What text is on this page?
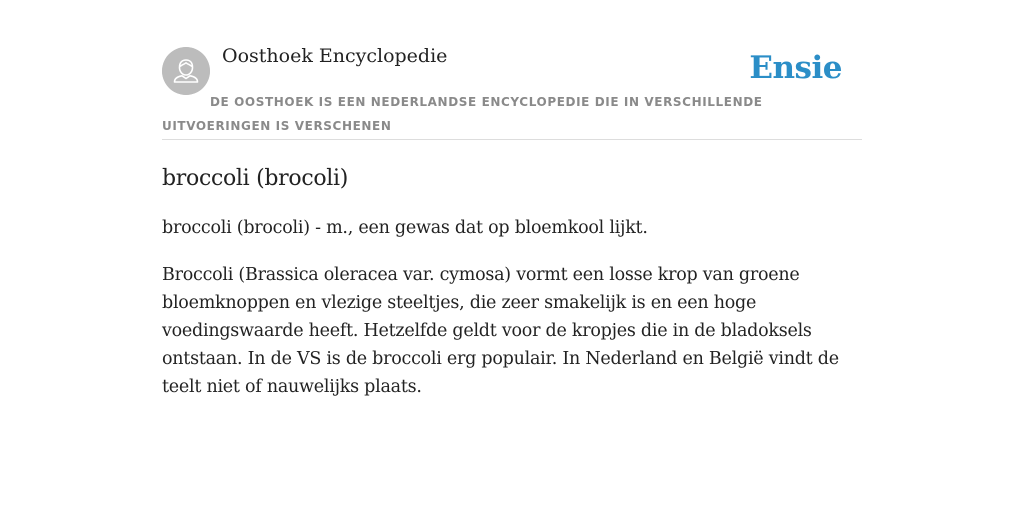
Oosthoek Encyclopedie	Ensie
DE OOSTHOEK IS EEN NEDERLANDSE ENCYCLOPEDIE DIE IN VERSCHILLENDE UITVOERINGEN IS VERSCHENEN
broccoli (brocoli)

broccoli (brocoli) - m., een gewas dat op bloemkool lijkt.

Broccoli (Brassica oleracea var. cymosa) vormt een losse krop van groene bloemknoppen en vlezige steeltjes, die zeer smakelijk is en een hoge voedingswaarde heeft. Hetzelfde geldt voor de kropjes die in de bladoksels ontstaan. In de VS is de broccoli erg populair. In Nederland en België vindt de teelt niet of nauwelijks plaats.
